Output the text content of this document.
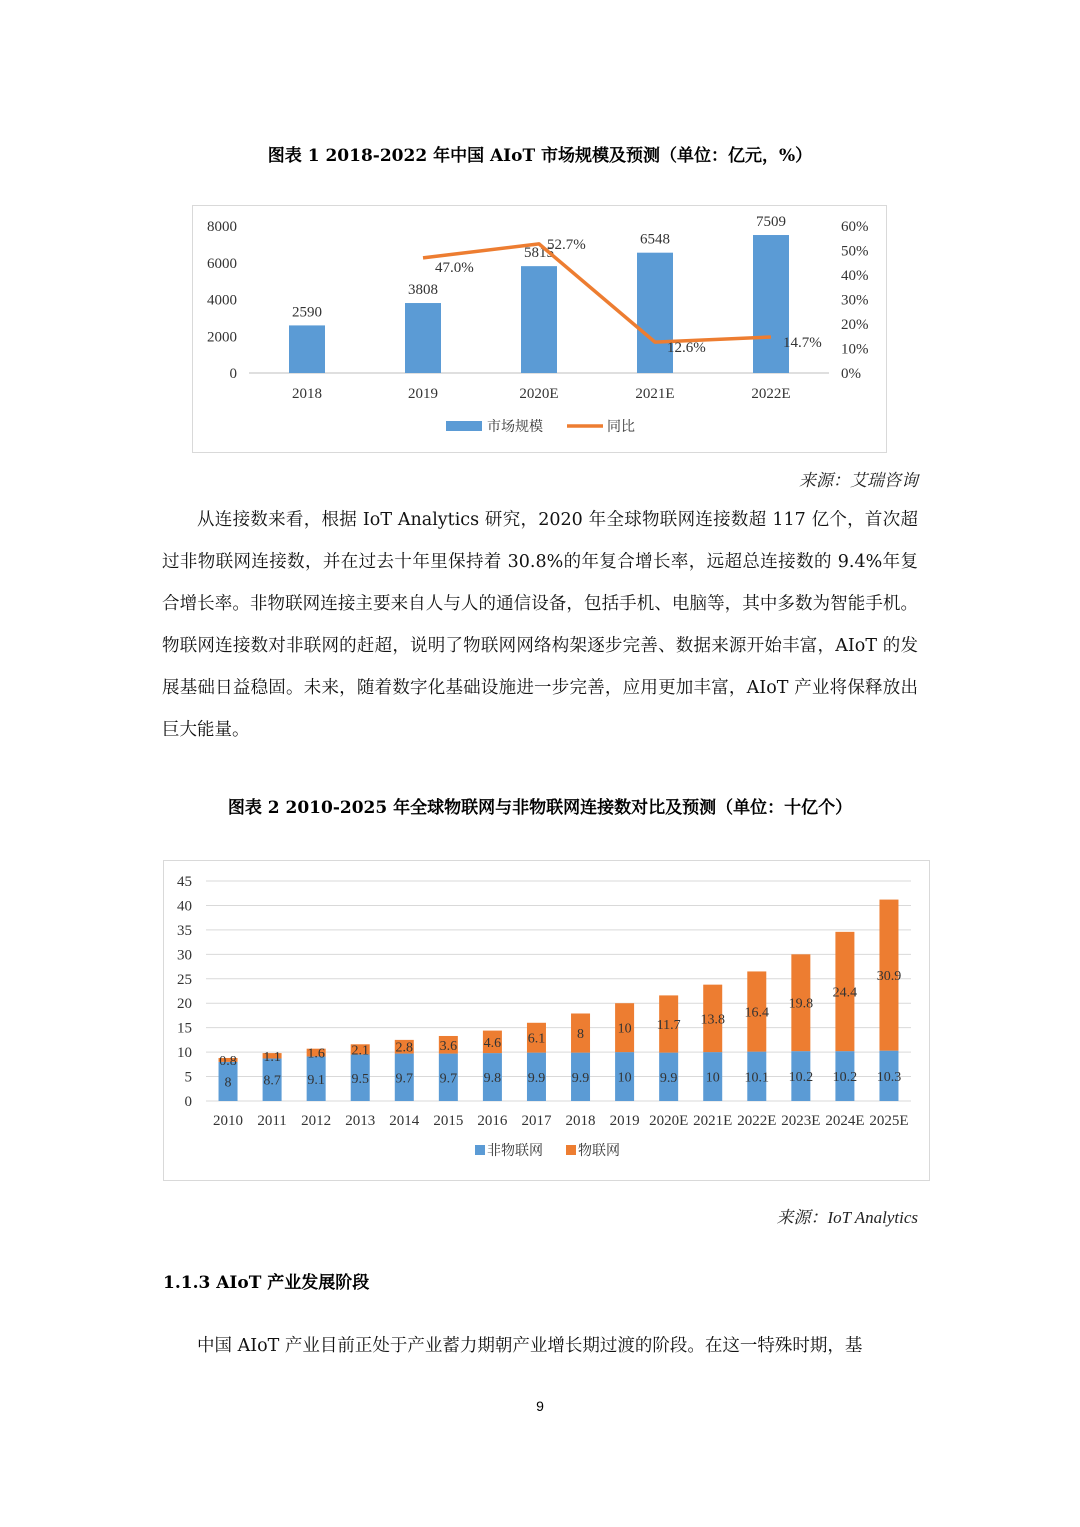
图表 1 2018-2022 年中国 AIoT 市场规模及预测（单位：亿元，%）
0
2000
4000
6000
8000
0%
10%
20%
30%
40%
50%
60%
2590
2018
3808
2019
5815
2020E
6548
2021E
7509
2022E
47.0%
52.7%
12.6%	14.7%
市场规模	同比
来源：艾瑞咨询

从连接数来看，根据 IoT Analytics 研究，2020 年全球物联网连接数超 117 亿个，首次超过非物联网连接数，并在过去十年里保持着 30.8%的年复合增长率，远超总连接数的 9.4%年复合增长率。非物联网连接主要来自人与人的通信设备，包括手机、电脑等，其中多数为智能手机。物联网连接数对非联网的赶超，说明了物联网网络构架逐步完善、数据来源开始丰富，AIoT 的发展基础日益稳固。未来，随着数字化基础设施进一步完善，应用更加丰富，AIoT 产业将保释放出巨大能量。

图表 2 2010-2025 年全球物联网与非物联网连接数对比及预测（单位：十亿个）
0
5
10
15
20
25
30
35
40
45
8
0.8
2010
8.7
1.1
2011
9.1
1.6
2012
9.5
2.1
2013
9.7
2.8
2014
9.7
3.6
2015
9.8
4.6
2016
9.9
6.1
2017
9.9
8
2018
10
10
2019
9.9
11.7
2020E
10
13.8
2021E
10.1
16.4
2022E
10.2
19.8
2023E
10.2
24.4
2024E
10.3
30.9
2025E
非物联网	物联网
来源：IoT Analytics
1.1.3 AIoT 产业发展阶段

中国 AIoT 产业目前正处于产业蓄力期朝产业增长期过渡的阶段。在这一特殊时期，基

9
